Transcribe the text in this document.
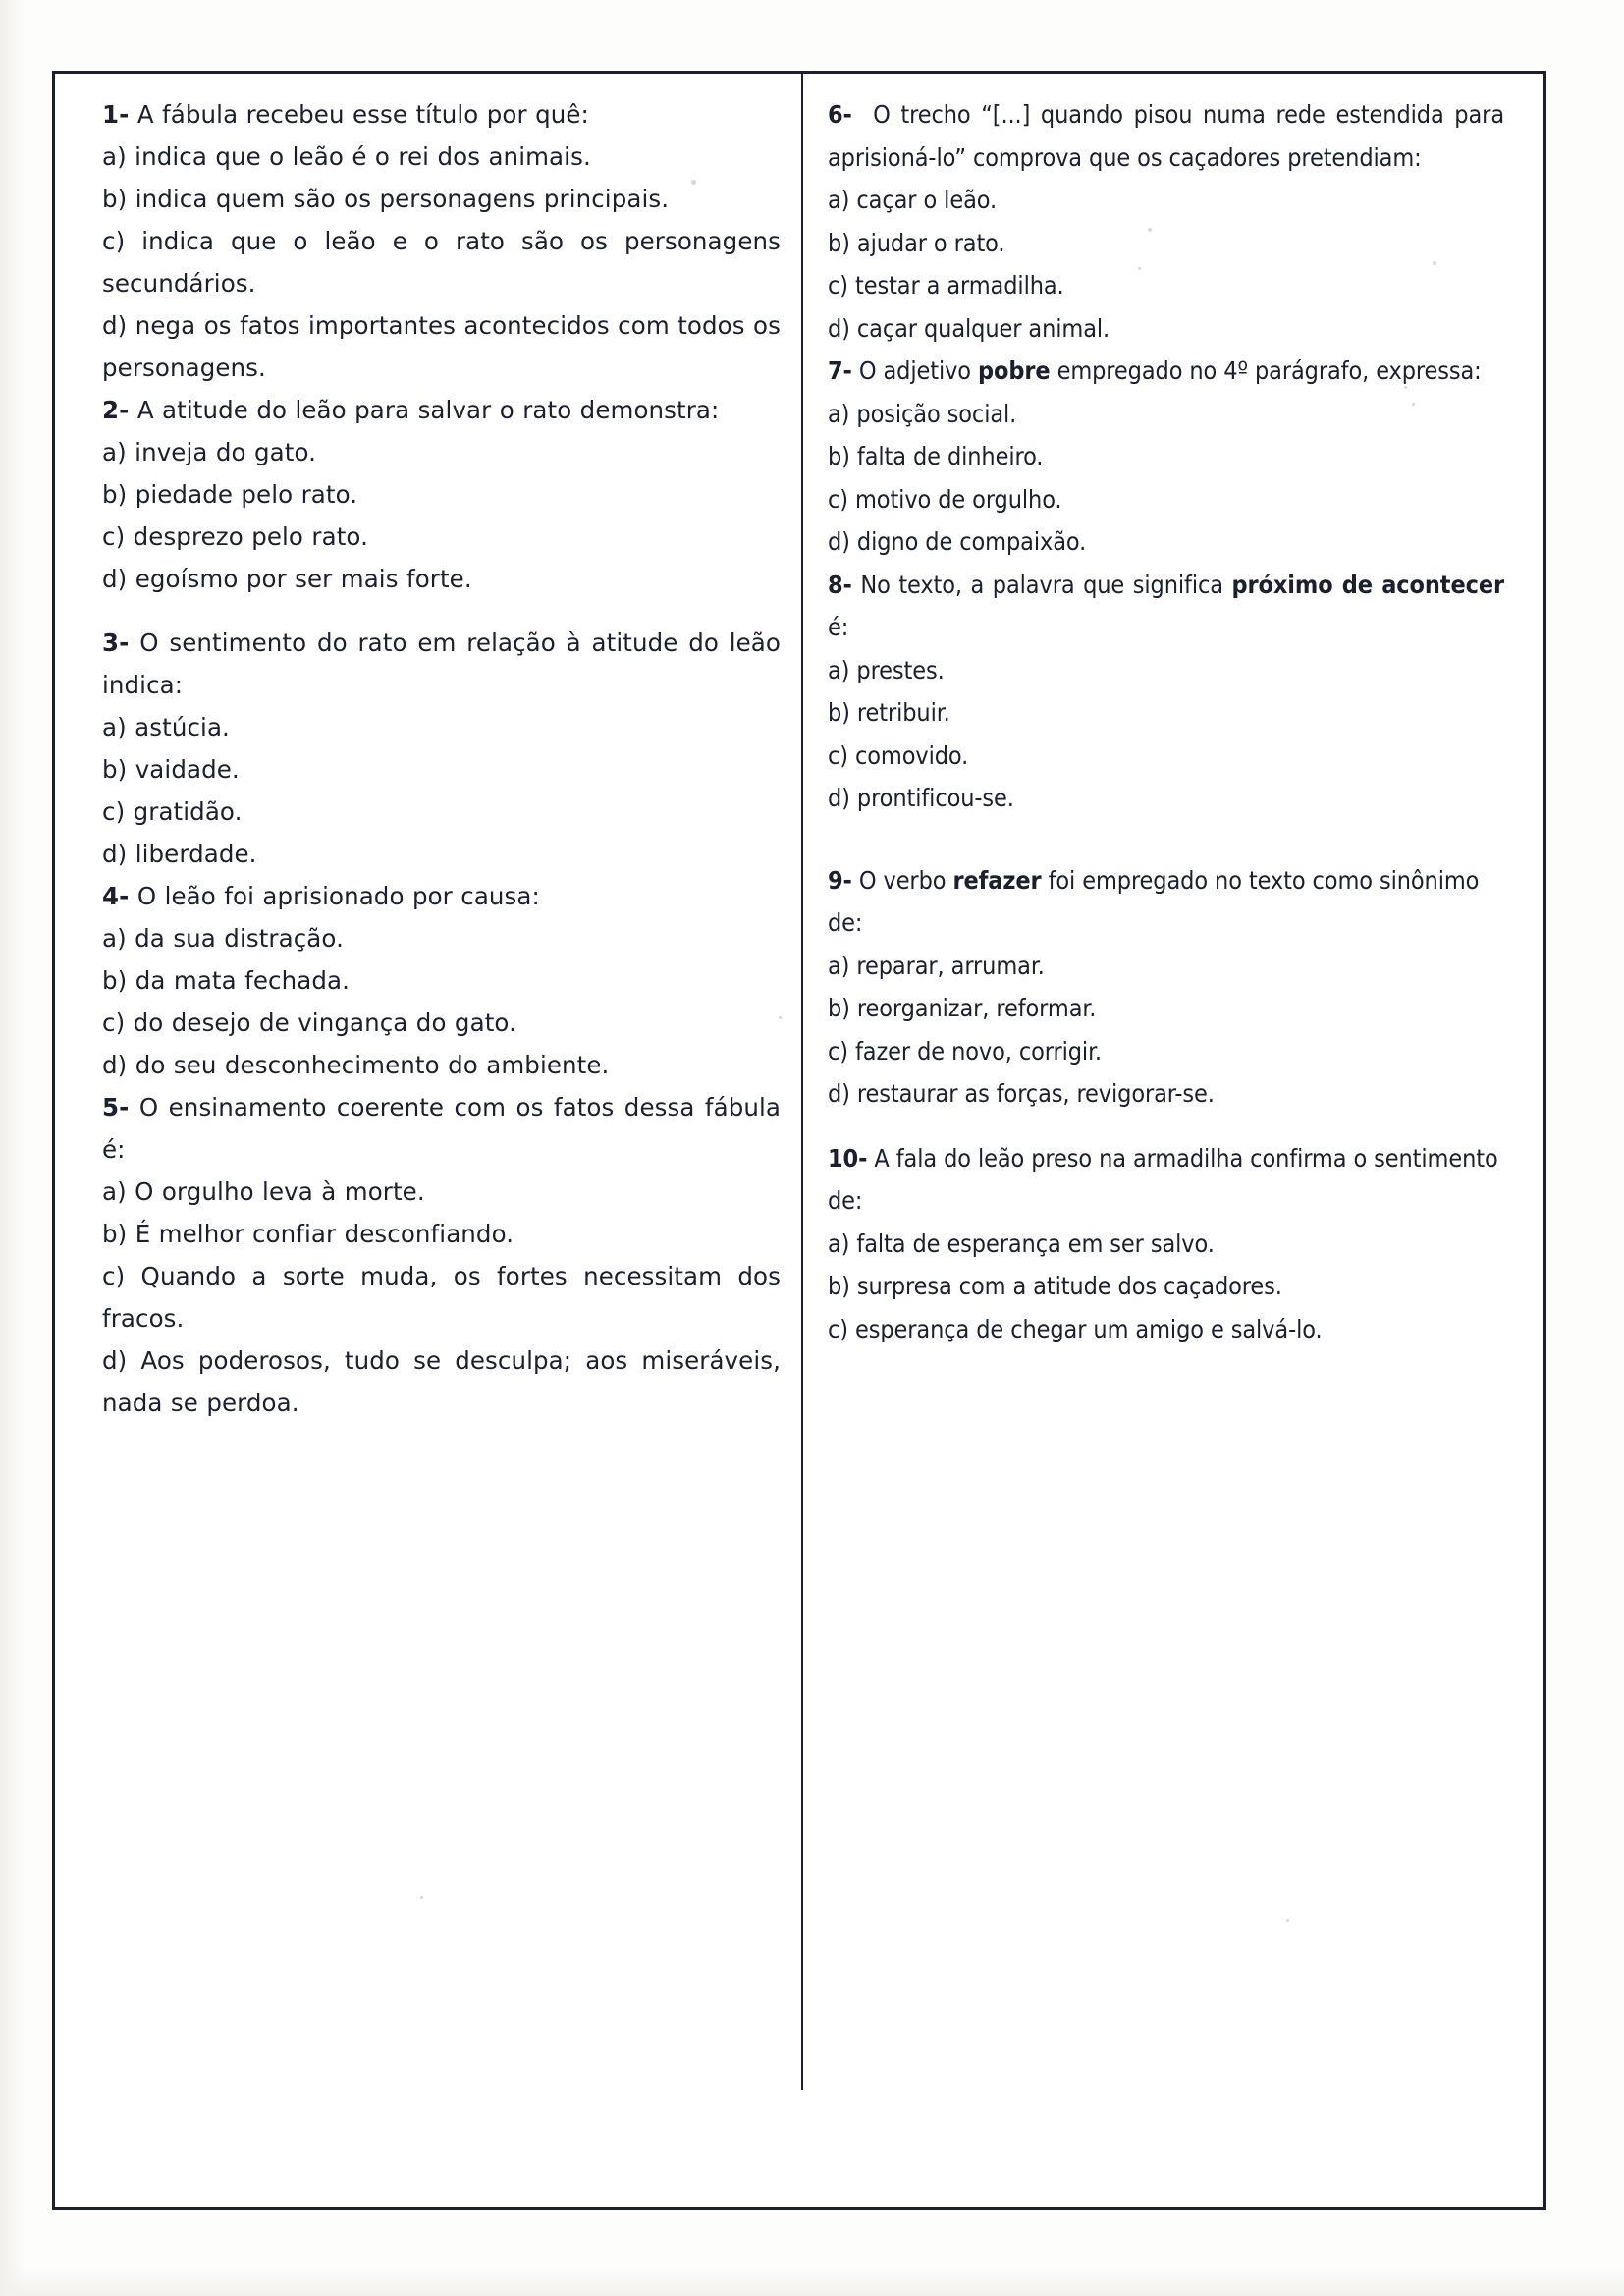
1- A fábula recebeu esse título por quê:

a) indica que o leão é o rei dos animais.

b) indica quem são os personagens principais.

c) indica que o leão e o rato são os personagens secundários.

d) nega os fatos importantes acontecidos com todos os personagens.

2- A atitude do leão para salvar o rato demonstra:

a) inveja do gato.

b) piedade pelo rato.

c) desprezo pelo rato.

d) egoísmo por ser mais forte.

3- O sentimento do rato em relação à atitude do leão indica:

a) astúcia.

b) vaidade.

c) gratidão.

d) liberdade.

4- O leão foi aprisionado por causa:

a) da sua distração.

b) da mata fechada.

c) do desejo de vingança do gato.

d) do seu desconhecimento do ambiente.

5- O ensinamento coerente com os fatos dessa fábula é:

a) O orgulho leva à morte.

b) É melhor confiar desconfiando.

c) Quando a sorte muda, os fortes necessitam dos fracos.

d) Aos poderosos, tudo se desculpa; aos miseráveis, nada se perdoa.

6- O trecho “[...] quando pisou numa rede estendida para aprisioná-lo” comprova que os caçadores pretendiam:

a) caçar o leão.

b) ajudar o rato.

c) testar a armadilha.

d) caçar qualquer animal.

7- O adjetivo pobre empregado no 4º parágrafo, expressa:

a) posição social.

b) falta de dinheiro.

c) motivo de orgulho.

d) digno de compaixão.

8- No texto, a palavra que significa próximo de acontecer é:

a) prestes.

b) retribuir.

c) comovido.

d) prontificou-se.

9- O verbo refazer foi empregado no texto como sinônimo de:

a) reparar, arrumar.

b) reorganizar, reformar.

c) fazer de novo, corrigir.

d) restaurar as forças, revigorar-se.

10- A fala do leão preso na armadilha confirma o sentimento de:

a) falta de esperança em ser salvo.

b) surpresa com a atitude dos caçadores.

c) esperança de chegar um amigo e salvá-lo.
